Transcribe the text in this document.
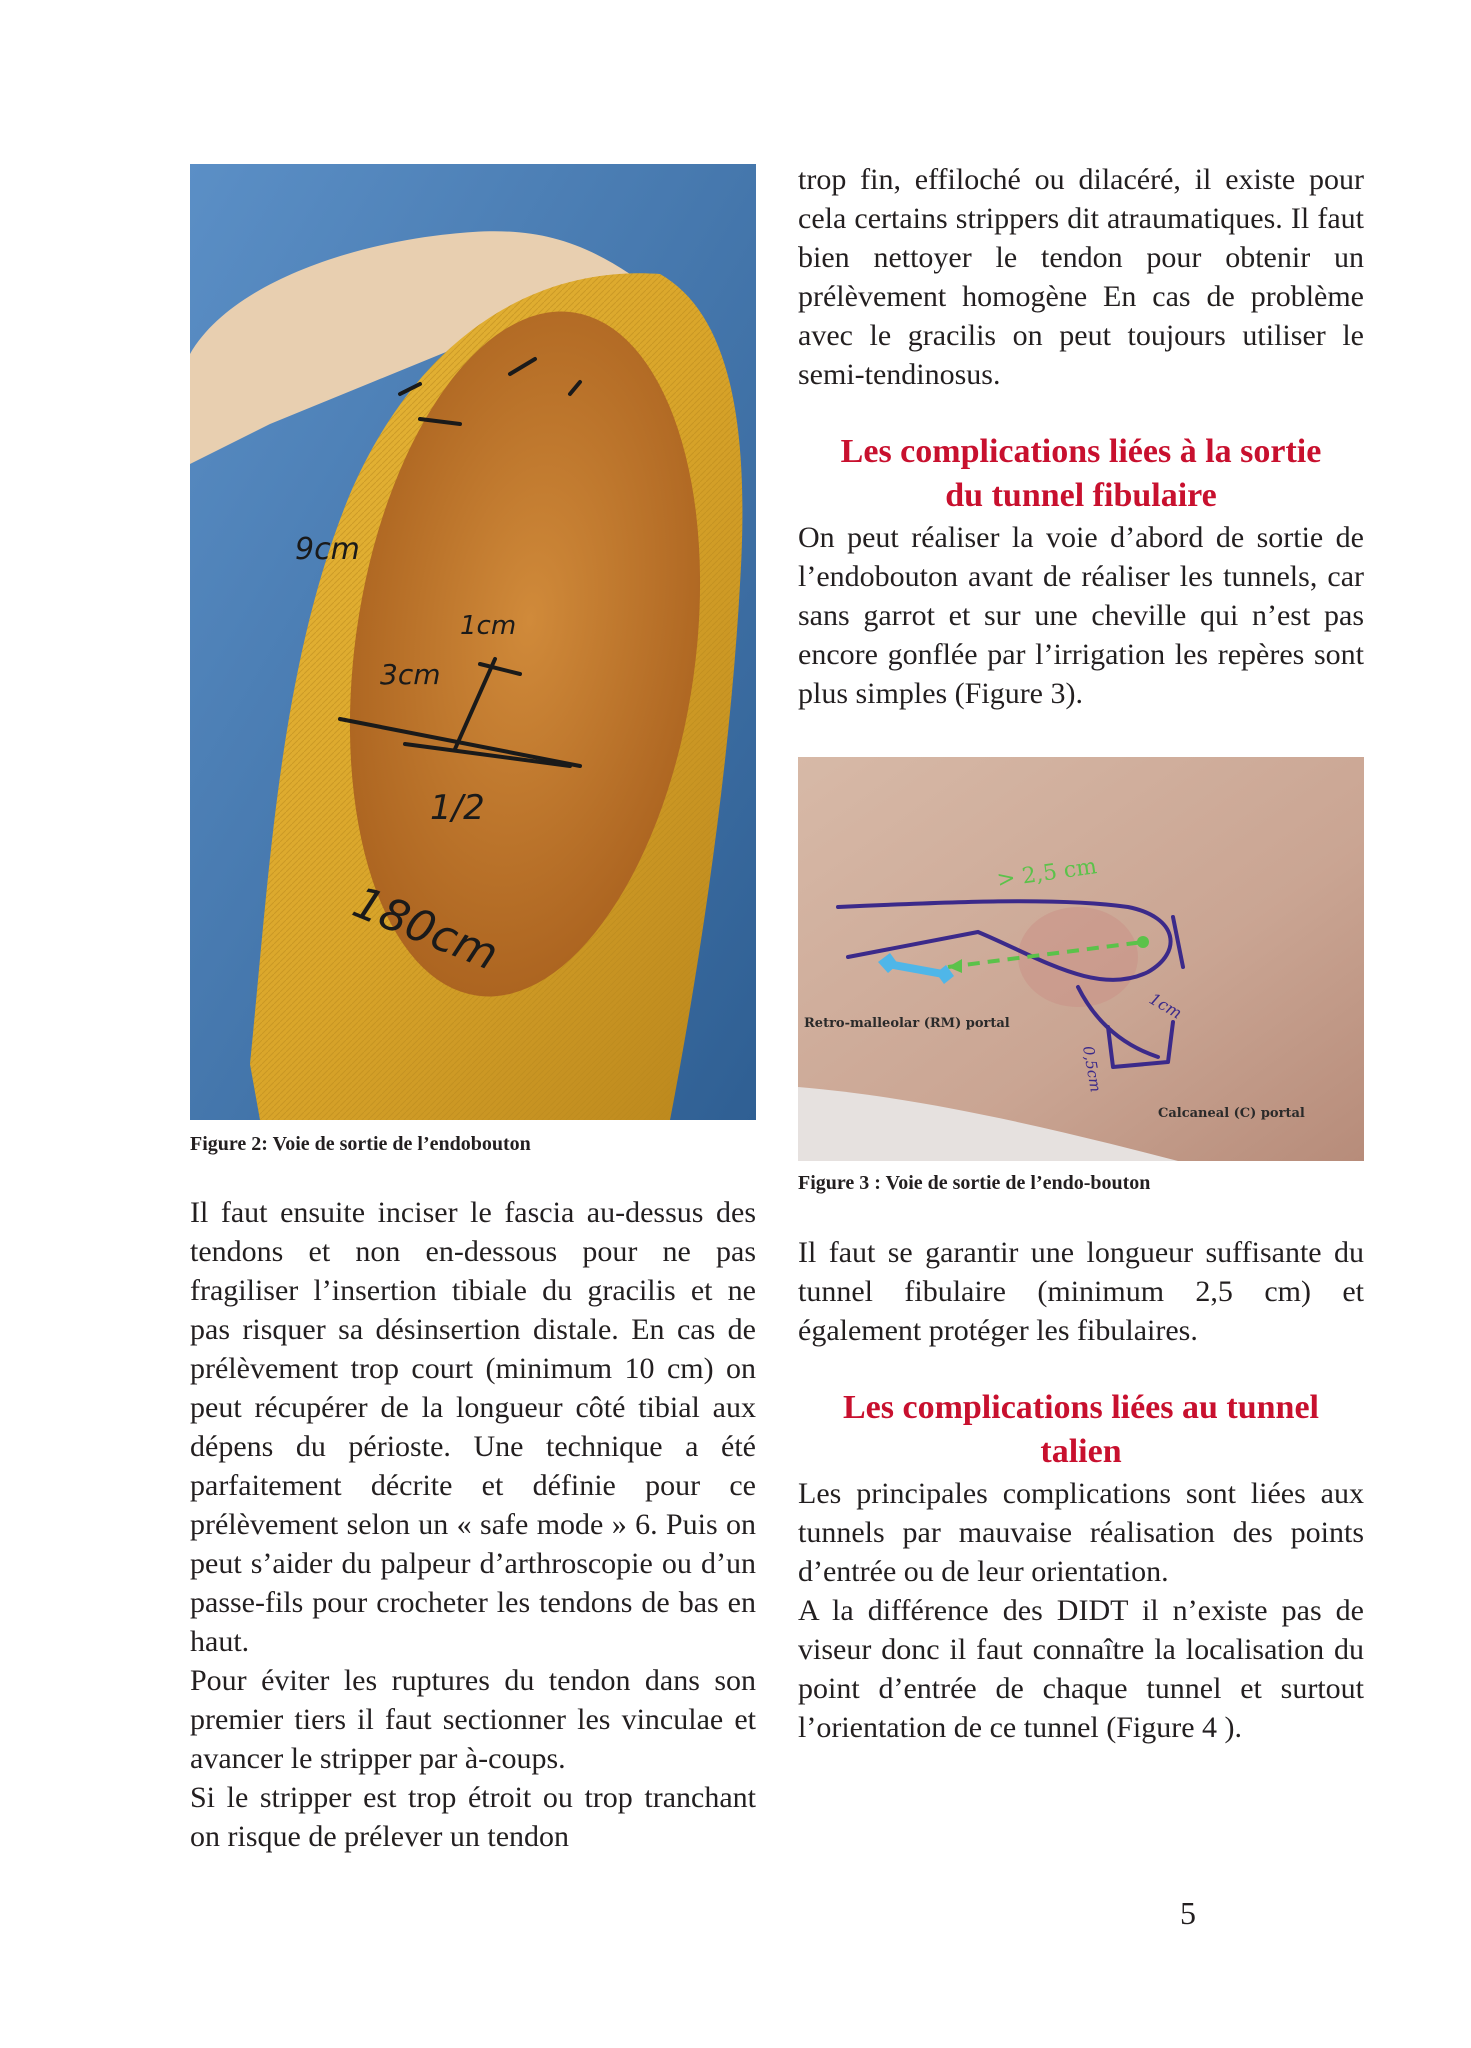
9cm
1cm
3cm
1/2
180cm

Figure 2: Voie de sortie de l’endobouton

Il faut ensuite inciser le fascia au-dessus des tendons et non en-dessous pour ne pas fragiliser l’insertion tibiale du gracilis et ne pas risquer sa désinsertion distale. En cas de prélèvement trop court (minimum 10 cm) on peut récupérer de la longueur côté tibial aux dépens du périoste. Une technique a été parfaitement décrite et définie pour ce prélèvement selon un « safe mode » 6. Puis on peut s’aider du palpeur d’arthroscopie ou d’un passe-fils pour crocheter les tendons de bas en haut.

Pour éviter les ruptures du tendon dans son premier tiers il faut sectionner les vinculae et avancer le stripper par à-coups.

Si le stripper est trop étroit ou trop tranchant on risque de prélever un tendon

trop fin, effiloché ou dilacéré, il existe pour cela certains strippers dit atraumatiques. Il faut bien nettoyer le tendon pour obtenir un prélèvement homogène En cas de problème avec le gracilis on peut toujours utiliser le semi-tendinosus.

Les complications liées à la sortie du tunnel fibulaire

On peut réaliser la voie d’abord de sortie de l’endobouton avant de réaliser les tunnels, car sans garrot et sur une cheville qui n’est pas encore gonflée par l’irrigation les repères sont plus simples (Figure 3).

> 2,5 cm
Retro-malleolar (RM) portal
Calcaneal (C) portal
1cm
0,5cm

Figure 3 : Voie de sortie de l’endo-bouton

Il faut se garantir une longueur suffisante du tunnel fibulaire (minimum 2,5 cm) et également protéger les fibulaires.

Les complications liées au tunnel talien

Les principales complications sont liées aux tunnels par mauvaise réalisation des points d’entrée ou de leur orientation.

A la différence des DIDT il n’existe pas de viseur donc il faut connaître la localisation du point d’entrée de chaque tunnel et surtout l’orientation de ce tunnel (Figure 4 ).

5
